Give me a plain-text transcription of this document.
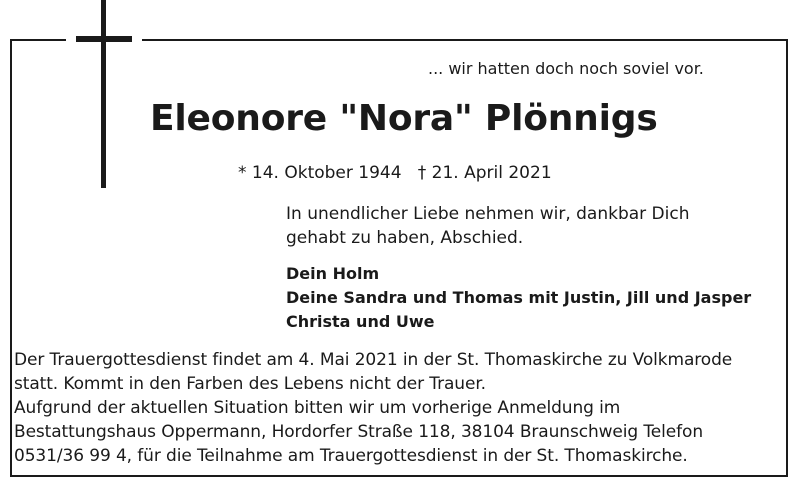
... wir hatten doch noch soviel vor.
Eleonore "Nora" Plönnigs
* 14. Oktober 1944 † 21. April 2021
In unendlicher Liebe nehmen wir, dankbar Dich
gehabt zu haben, Abschied.
Dein Holm
Deine Sandra und Thomas mit Justin, Jill und Jasper
Christa und Uwe
Der Trauergottesdienst findet am 4. Mai 2021 in der St. Thomaskirche zu Volkmarode
statt. Kommt in den Farben des Lebens nicht der Trauer.
Aufgrund der aktuellen Situation bitten wir um vorherige Anmeldung im
Bestattungshaus Oppermann, Hordorfer Straße 118, 38104 Braunschweig Telefon
0531/36 99 4, für die Teilnahme am Trauergottesdienst in der St. Thomaskirche.
